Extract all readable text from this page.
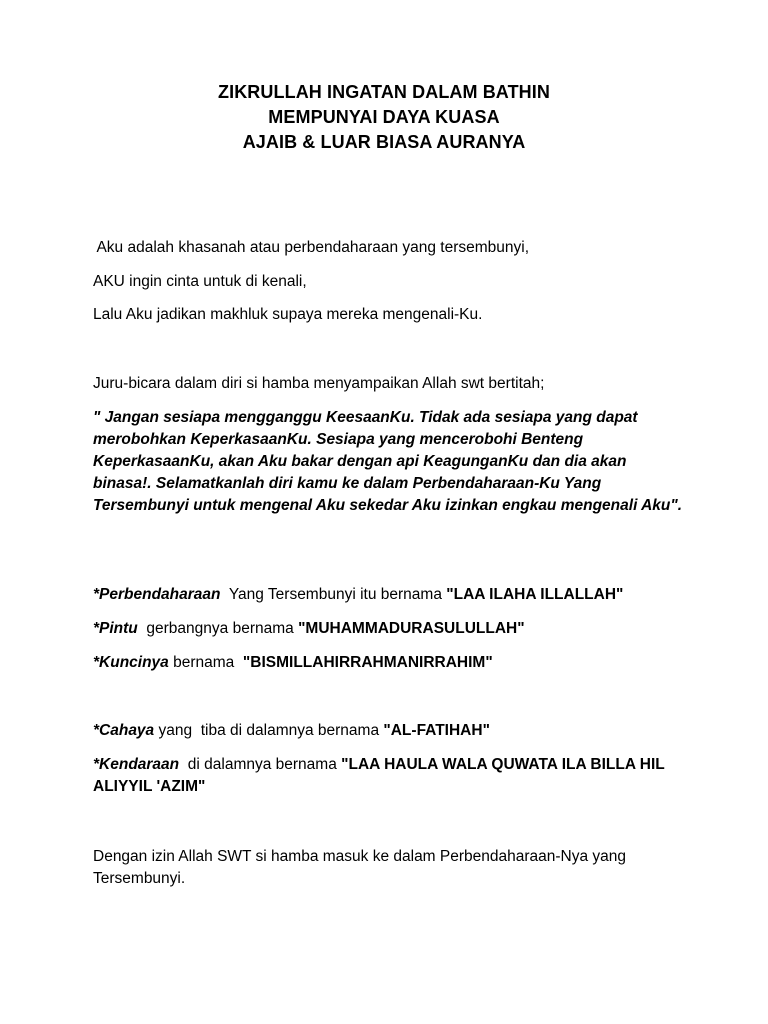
ZIKRULLAH INGATAN DALAM BATHIN
MEMPUNYAI DAYA KUASA
AJAIB & LUAR BIASA AURANYA
Aku adalah khasanah atau perbendaharaan yang tersembunyi,
AKU ingin cinta untuk di kenali,
Lalu Aku jadikan makhluk supaya mereka mengenali-Ku.
Juru-bicara dalam diri si hamba menyampaikan Allah swt bertitah;
" Jangan sesiapa mengganggu KeesaanKu. Tidak ada sesiapa yang dapat merobohkan KeperkasaanKu. Sesiapa yang mencerobohi Benteng KeperkasaanKu, akan Aku bakar dengan api KeagunganKu dan dia akan binasa!. Selamatkanlah diri kamu ke dalam Perbendaharaan-Ku Yang Tersembunyi untuk mengenal Aku sekedar Aku izinkan engkau mengenali Aku".
*Perbendaharaan  Yang Tersembunyi itu bernama "LAA ILAHA ILLALLAH"
*Pintu  gerbangnya bernama "MUHAMMADURASULULLAH"
*Kuncinya bernama  "BISMILLAHIRRAHMANIRRAHIM"
*Cahaya yang  tiba di dalamnya bernama "AL-FATIHAH"
*Kendaraan  di dalamnya bernama "LAA HAULA WALA QUWATA ILA BILLA HIL ALIYYIL 'AZIM"
Dengan izin Allah SWT si hamba masuk ke dalam Perbendaharaan-Nya yang Tersembunyi.
